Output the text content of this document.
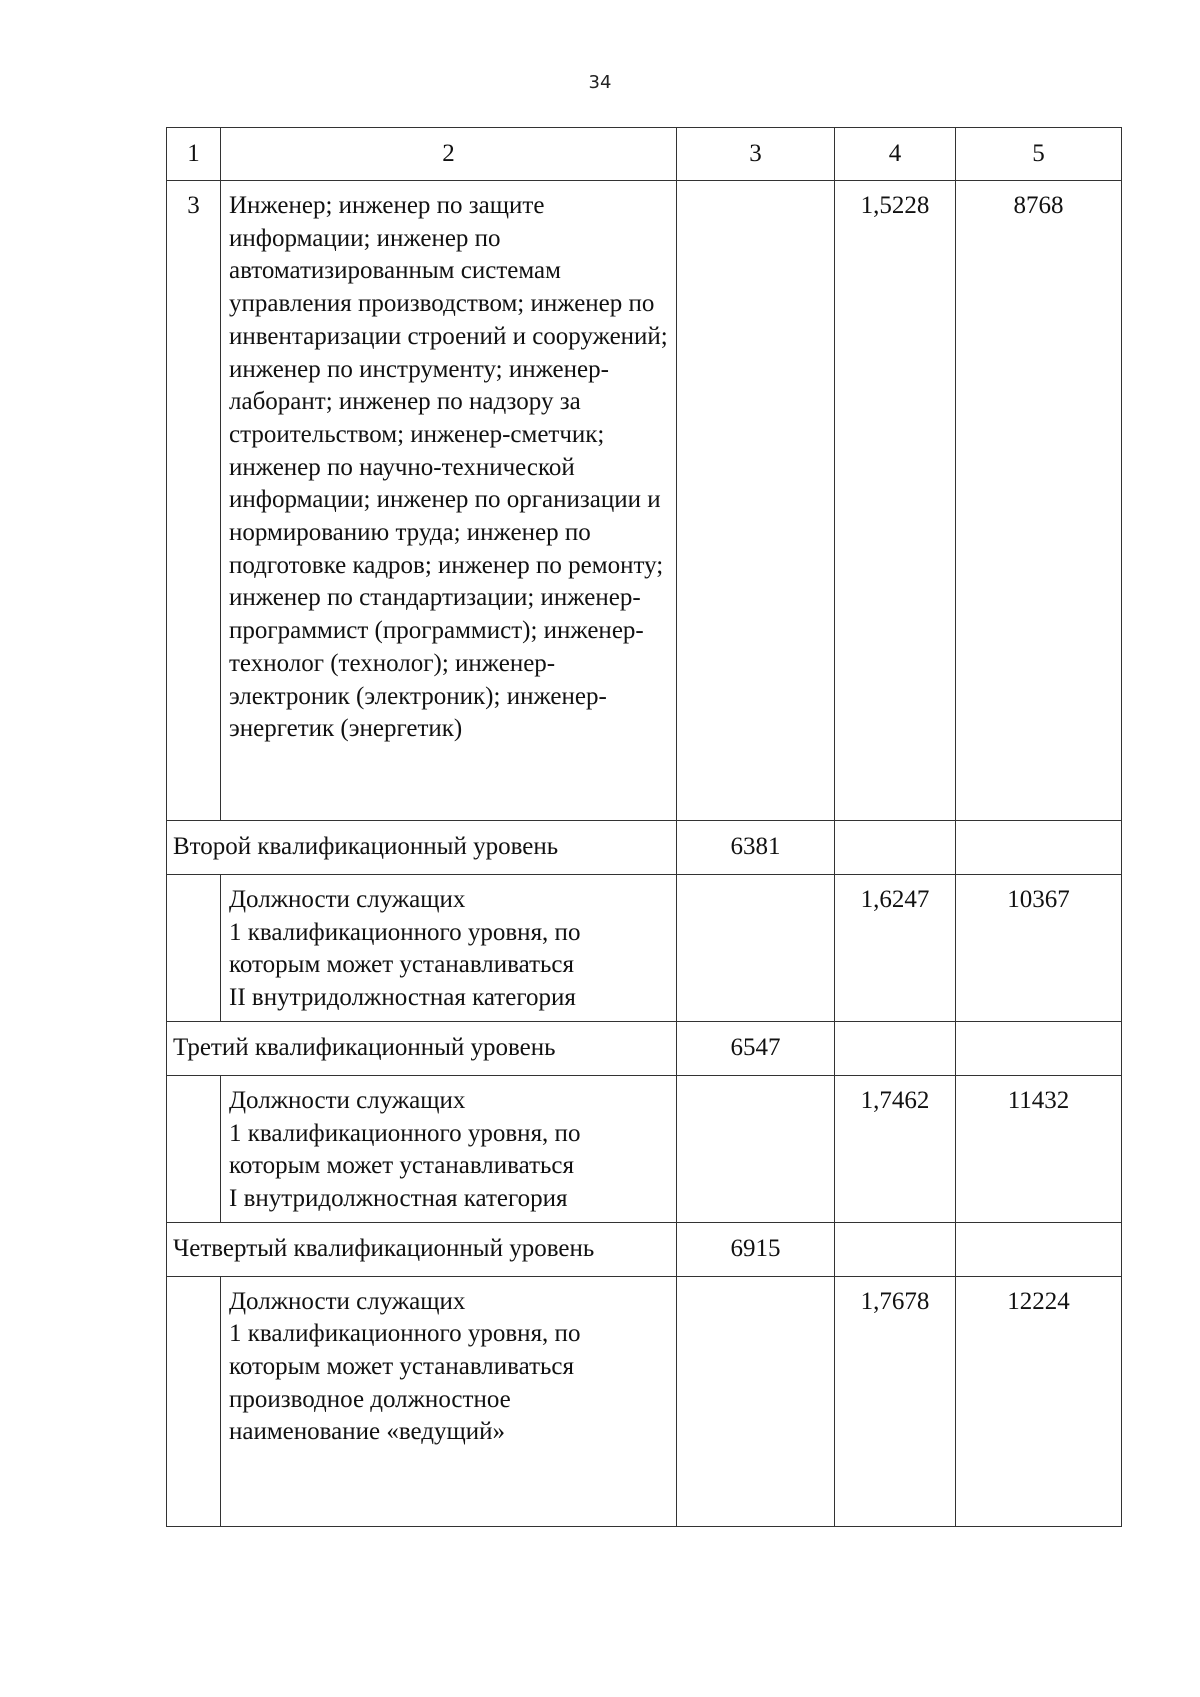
34
1	2	3	4	5
3	Инженер; инженер по защите информации; инженер по автоматизированным системам управления производством; инженер по инвентаризации строений и сооружений; инженер по инструменту; инженер-лаборант; инженер по надзору за строительством; инженер-сметчик; инженер по научно-технической информации; инженер по организации и нормированию труда; инженер по подготовке кадров; инженер по ремонту; инженер по стандартизации; инженер-программист (программист); инженер-технолог (технолог); инженер-электроник (электроник); инженер-энергетик (энергетик)		1,5228	8768
Второй квалификационный уровень		6381		

	Должности служащих
1 квалификационного уровня, по
которым может устанавливаться
II внутридолжностная категория		1,6247	10367
Третий квалификационный уровень		6547		

	Должности служащих
1 квалификационного уровня, по
которым может устанавливаться
I внутридолжностная категория		1,7462	11432
Четвертый квалификационный уровень		6915		

	Должности служащих
1 квалификационного уровня, по
которым может устанавливаться
производное должностное
наименование «ведущий»		1,7678	12224
